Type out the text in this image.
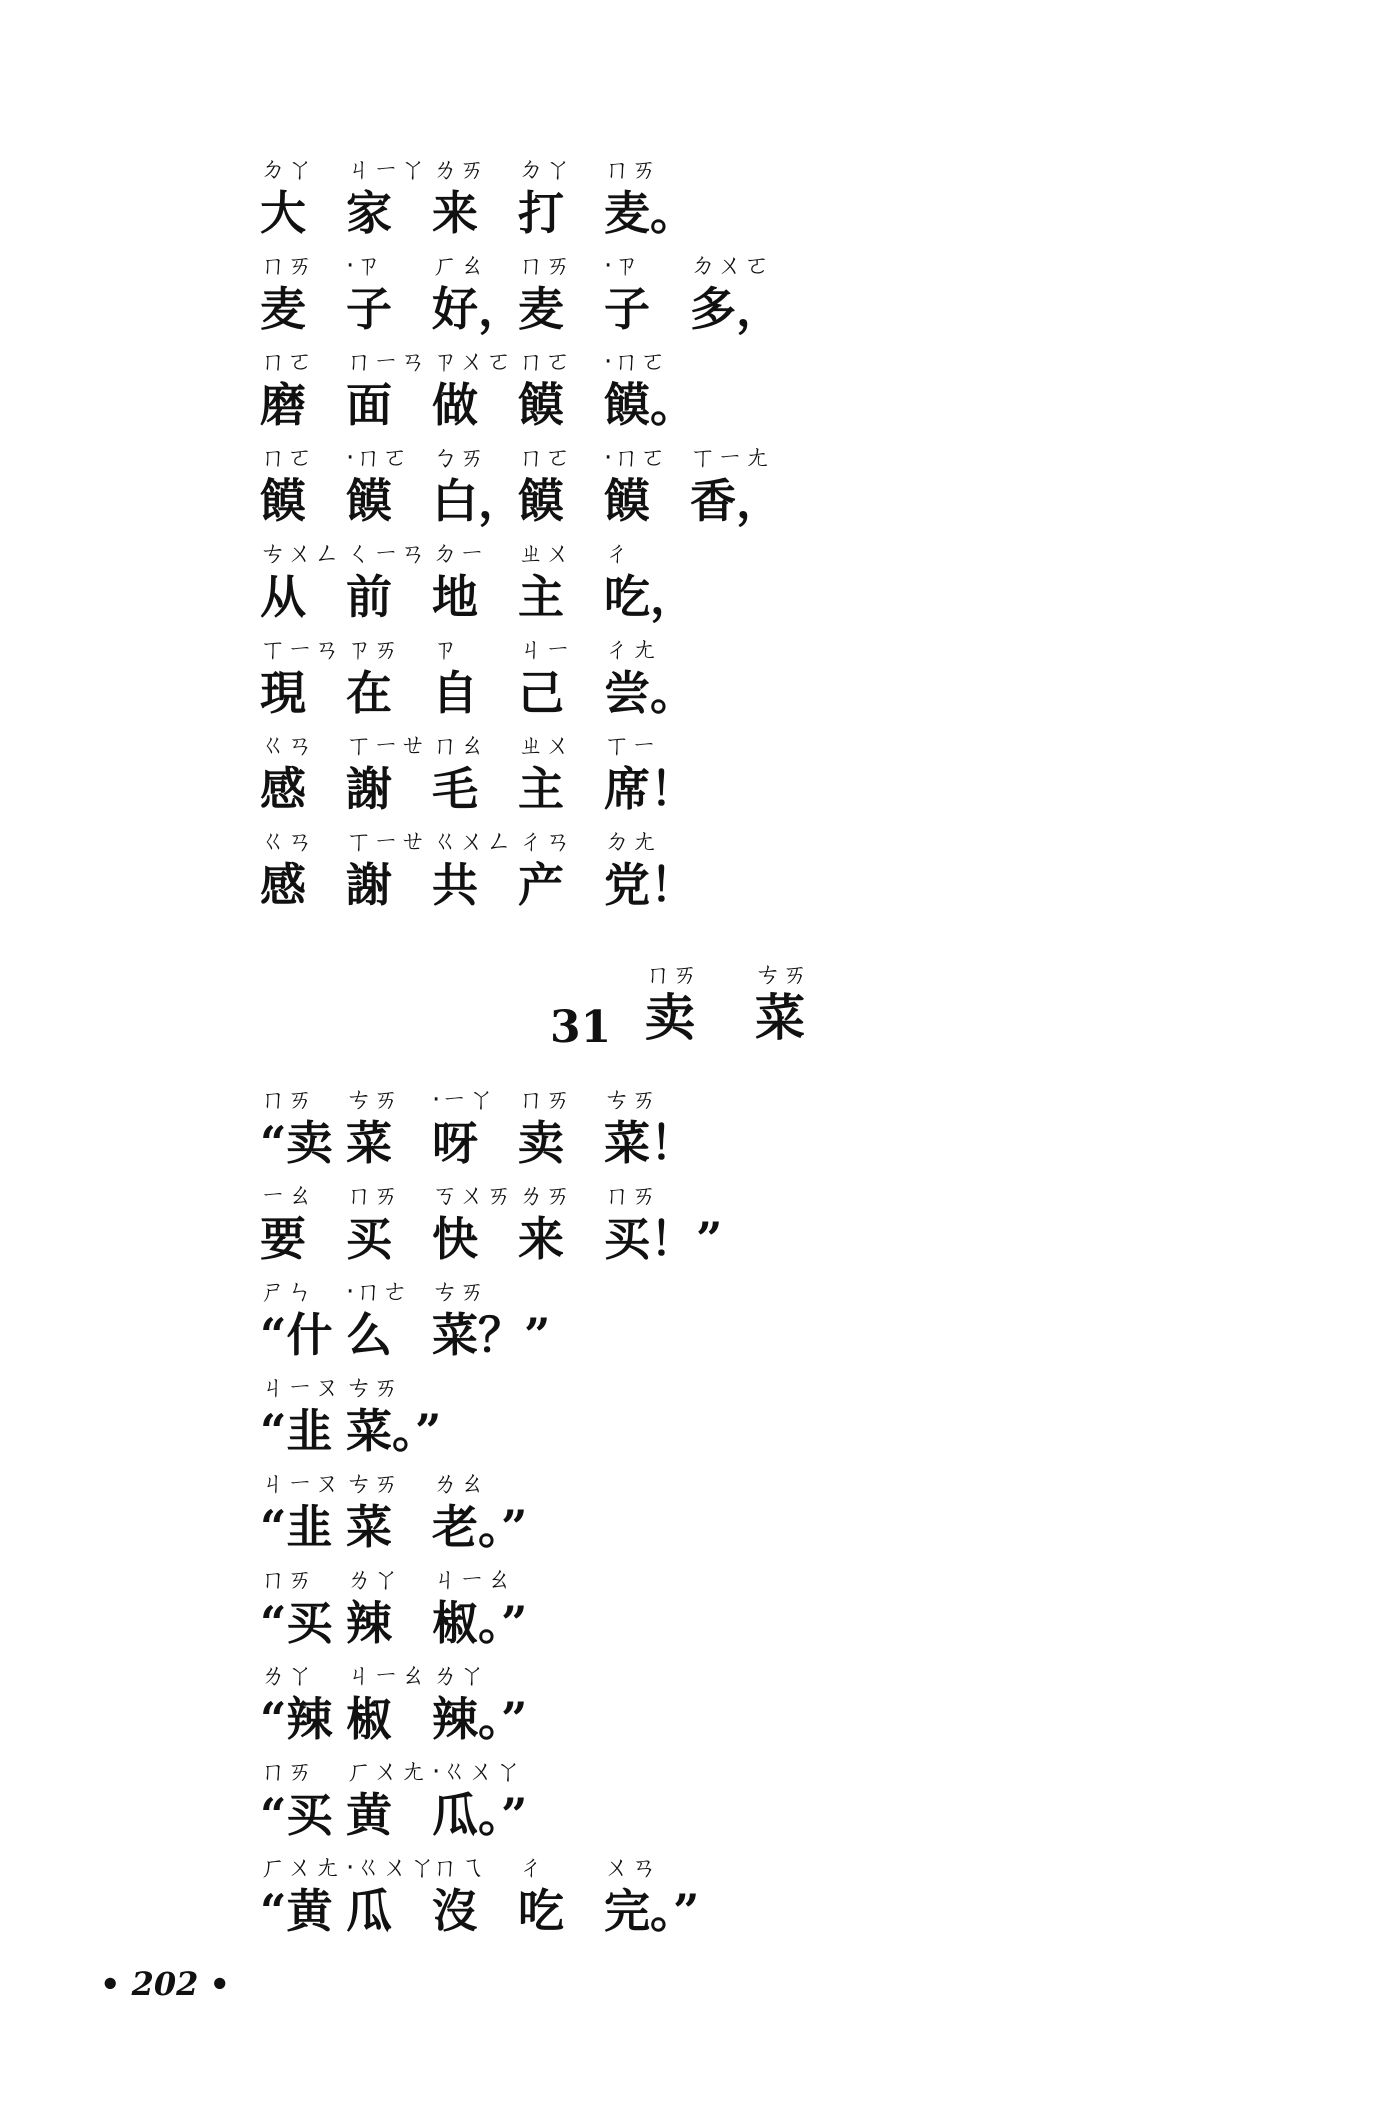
ㄉㄚ
大
ㄐㄧㄚ
家
ㄌㄞ
来
ㄉㄚ
打
ㄇㄞ
麦。
ㄇㄞ
麦
·ㄗ
子
ㄏㄠ
好，
ㄇㄞ
麦
·ㄗ
子
ㄉㄨㄛ
多，
ㄇㄛ
磨
ㄇㄧㄢ
面
ㄗㄨㄛ
做
ㄇㄛ
饃
·ㄇㄛ
饃。
ㄇㄛ
饃
·ㄇㄛ
饃
ㄅㄞ
白，
ㄇㄛ
饃
·ㄇㄛ
饃
ㄒㄧㄤ
香，
ㄘㄨㄥ
从
ㄑㄧㄢ
前
ㄉㄧ
地
ㄓㄨ
主
ㄔ
吃，
ㄒㄧㄢ
現
ㄗㄞ
在
ㄗ
自
ㄐㄧ
己
ㄔㄤ
尝。
ㄍㄢ
感
ㄒㄧㄝ
謝
ㄇㄠ
毛
ㄓㄨ
主
ㄒㄧ
席！
ㄍㄢ
感
ㄒㄧㄝ
謝
ㄍㄨㄥ
共
ㄔㄢ
产
ㄉㄤ
党！
31
ㄇㄞ
卖
ㄘㄞ
菜
ㄇㄞ
“卖
ㄘㄞ
菜
·ㄧㄚ
呀
ㄇㄞ
卖
ㄘㄞ
菜！
ㄧㄠ
要
ㄇㄞ
买
ㄎㄨㄞ
快
ㄌㄞ
来
ㄇㄞ
买！”
ㄕㄣ
“什
·ㄇㄜ
么
ㄘㄞ
菜？”
ㄐㄧㄡ
“韭
ㄘㄞ
菜。”
ㄐㄧㄡ
“韭
ㄘㄞ
菜
ㄌㄠ
老。”
ㄇㄞ
“买
ㄌㄚ
辣
ㄐㄧㄠ
椒。”
ㄌㄚ
“辣
ㄐㄧㄠ
椒
ㄌㄚ
辣。”
ㄇㄞ
“买
ㄏㄨㄤ
黄
·ㄍㄨㄚ
瓜。”
ㄏㄨㄤ
“黄
·ㄍㄨㄚ
瓜
ㄇㄟ
沒
ㄔ
吃
ㄨㄢ
完。”
• 202 •
